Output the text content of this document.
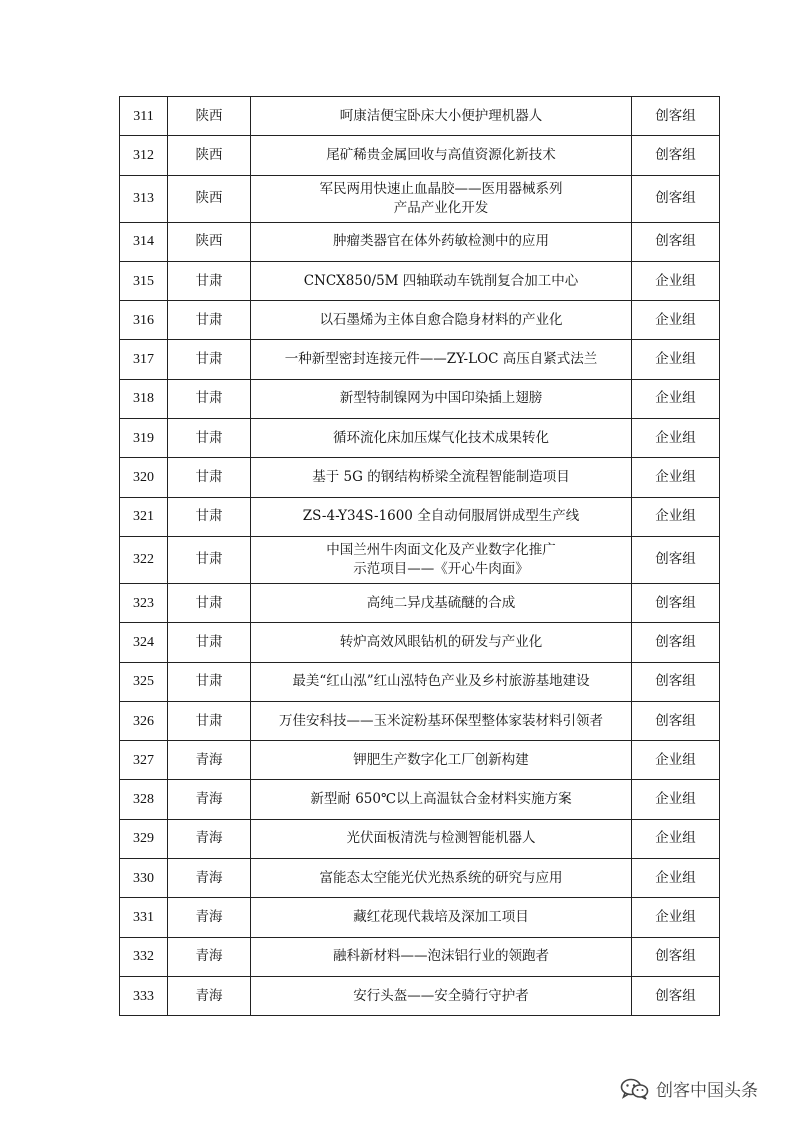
311	陕西	呵康洁便宝卧床大小便护理机器人	创客组
312	陕西	尾矿稀贵金属回收与高值资源化新技术	创客组
313	陕西	军民两用快速止血晶胶——医用器械系列
产品产业化开发	创客组
314	陕西	肿瘤类器官在体外药敏检测中的应用	创客组
315	甘肃	CNCX850/5M 四轴联动车铣削复合加工中心	企业组
316	甘肃	以石墨烯为主体自愈合隐身材料的产业化	企业组
317	甘肃	一种新型密封连接元件——ZY-LOC 高压自紧式法兰	企业组
318	甘肃	新型特制镍网为中国印染插上翅膀	企业组
319	甘肃	循环流化床加压煤气化技术成果转化	企业组
320	甘肃	基于 5G 的钢结构桥梁全流程智能制造项目	企业组
321	甘肃	ZS-4-Y34S-1600 全自动伺服屑饼成型生产线	企业组
322	甘肃	中国兰州牛肉面文化及产业数字化推广
示范项目——《开心牛肉面》	创客组
323	甘肃	高纯二异戊基硫醚的合成	创客组
324	甘肃	转炉高效风眼钻机的研发与产业化	创客组
325	甘肃	最美“红山泓”红山泓特色产业及乡村旅游基地建设	创客组
326	甘肃	万佳安科技——玉米淀粉基环保型整体家装材料引领者	创客组
327	青海	钾肥生产数字化工厂创新构建	企业组
328	青海	新型耐 650℃以上高温钛合金材料实施方案	企业组
329	青海	光伏面板清洗与检测智能机器人	企业组
330	青海	富能态太空能光伏光热系统的研究与应用	企业组
331	青海	藏红花现代栽培及深加工项目	企业组
332	青海	融科新材料——泡沫铝行业的领跑者	创客组
333	青海	安行头盔——安全骑行守护者	创客组
创客中国头条
